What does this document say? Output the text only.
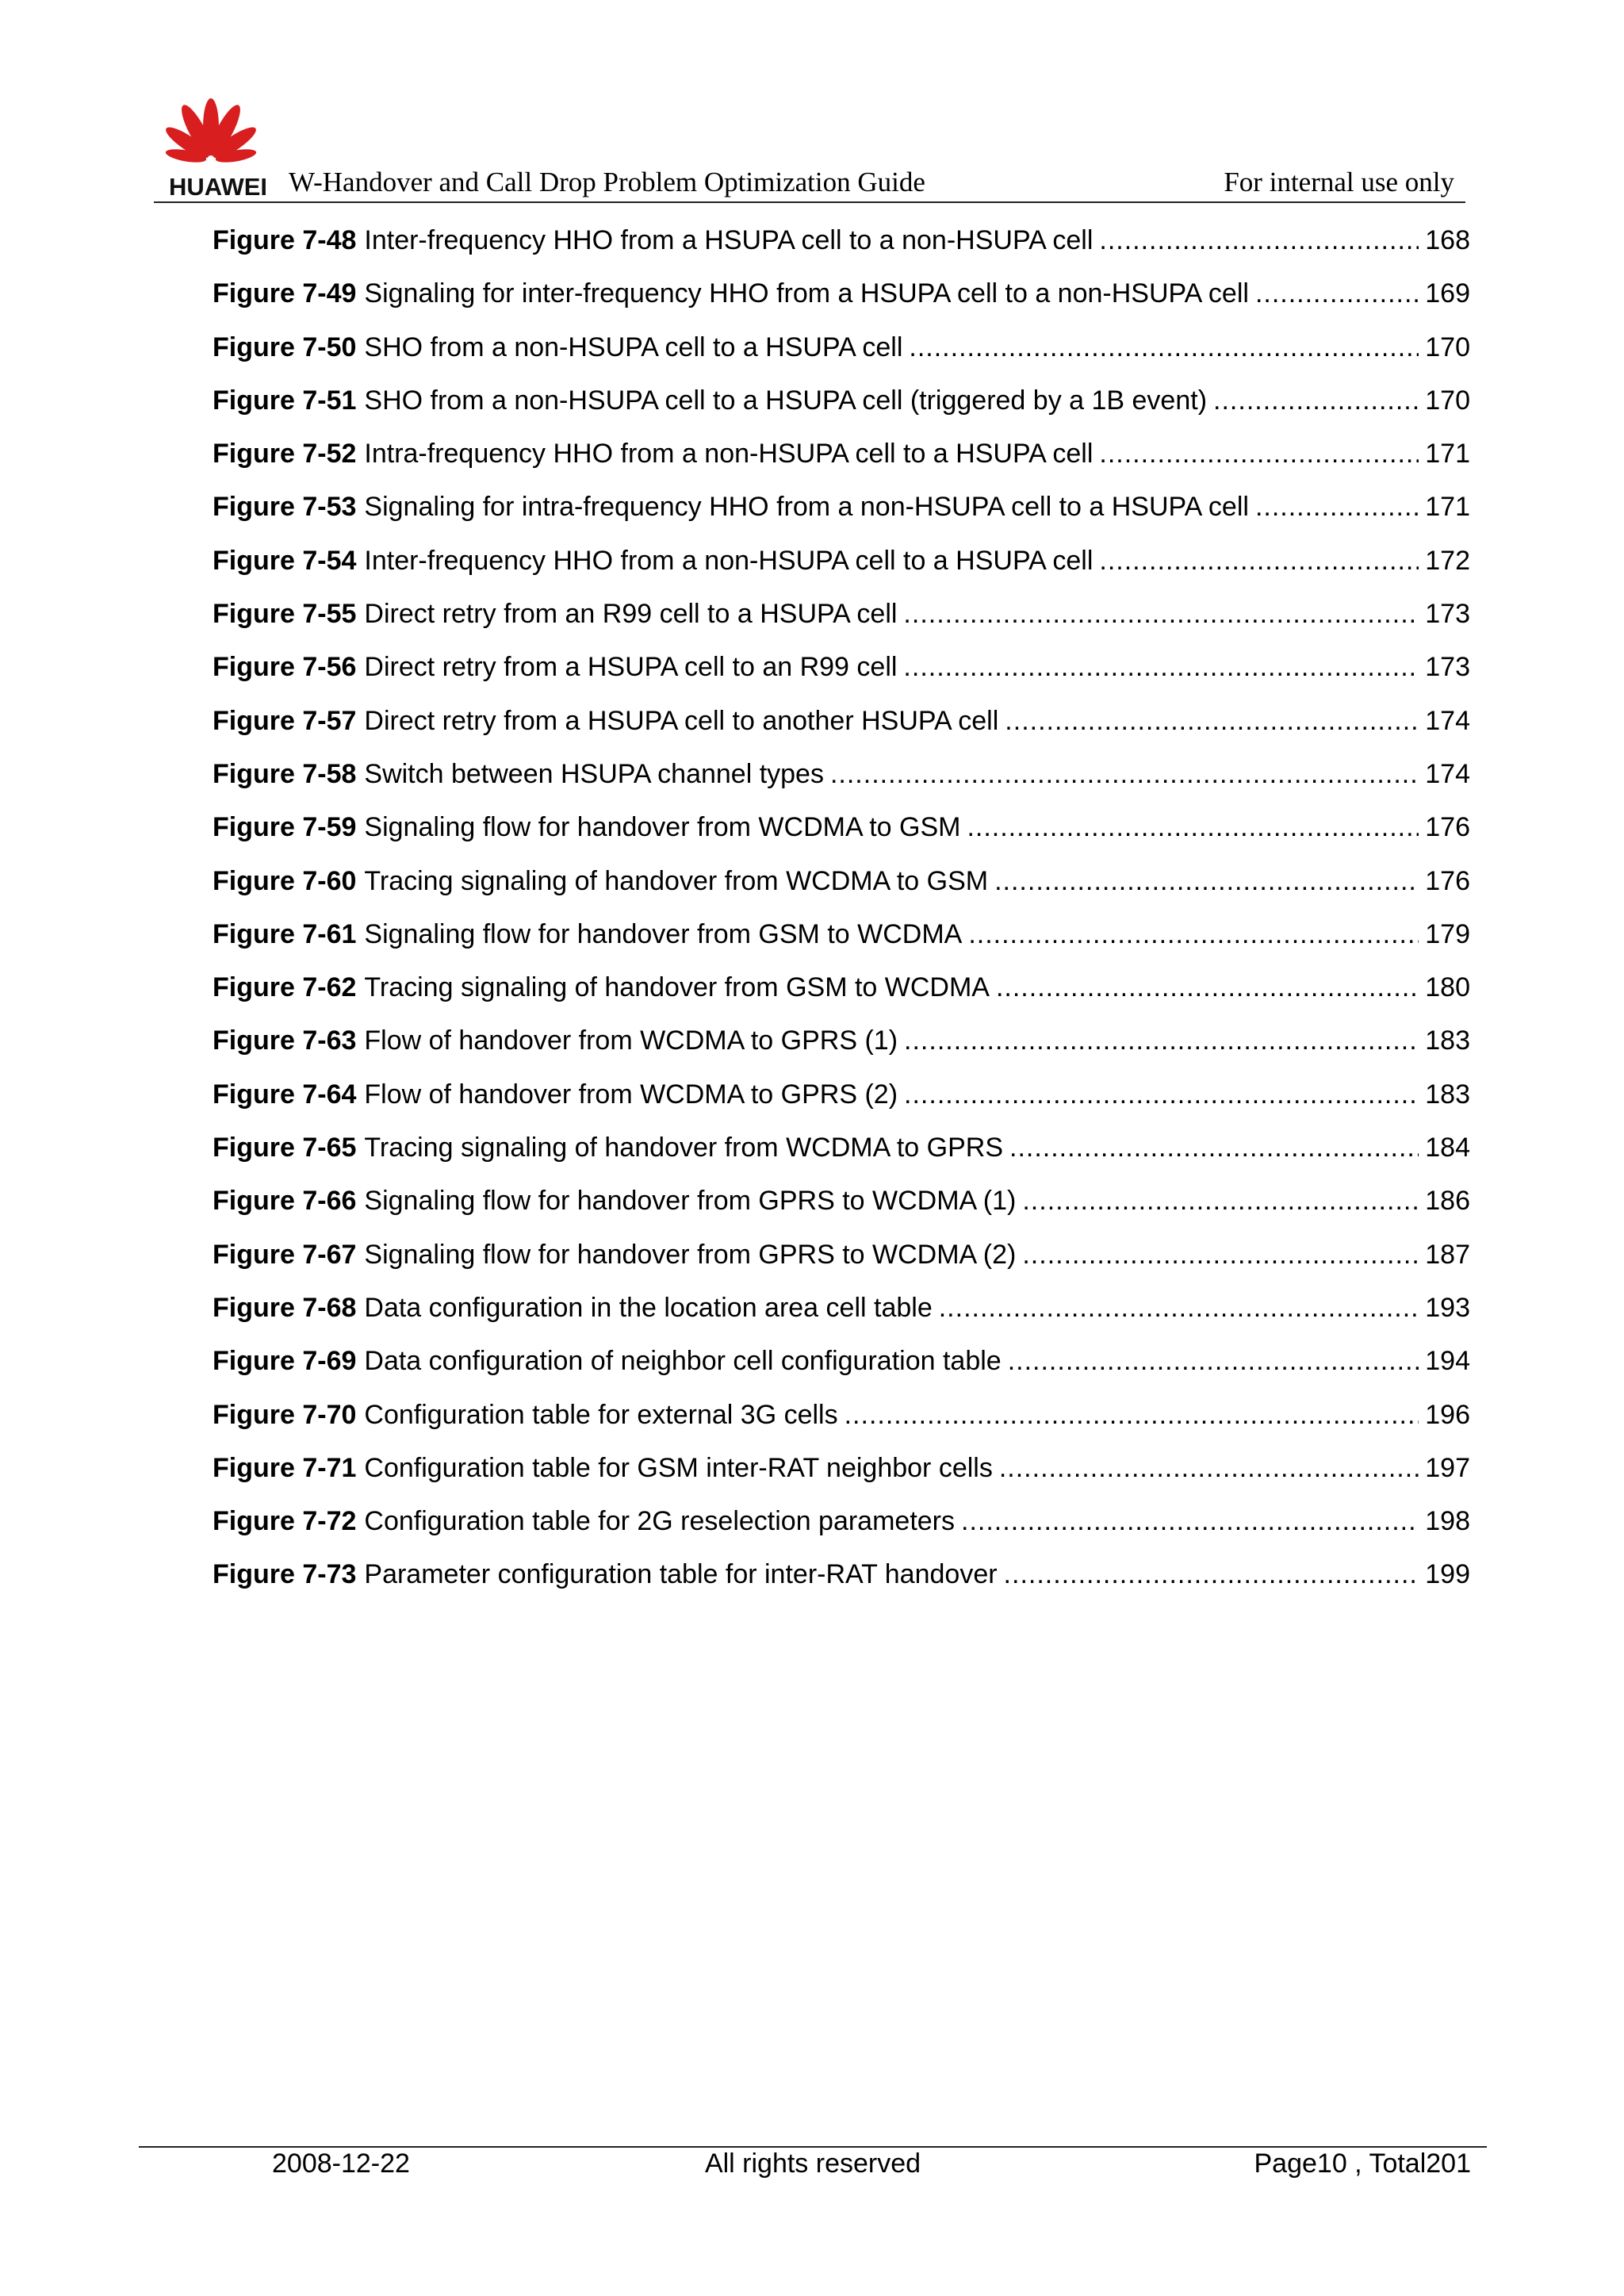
HUAWEI W-Handover and Call Drop Problem Optimization Guide	For internal use only
Figure 7-48 Inter-frequency HHO from a HSUPA cell to a non-HSUPA cell .....	168
Figure 7-49 Signaling for inter-frequency HHO from a HSUPA cell to a non-HSUPA cell .....	169
Figure 7-50 SHO from a non-HSUPA cell to a HSUPA cell .....	170
Figure 7-51 SHO from a non-HSUPA cell to a HSUPA cell (triggered by a 1B event) .....	170
Figure 7-52 Intra-frequency HHO from a non-HSUPA cell to a HSUPA cell .....	171
Figure 7-53 Signaling for intra-frequency HHO from a non-HSUPA cell to a HSUPA cell .....	171
Figure 7-54 Inter-frequency HHO from a non-HSUPA cell to a HSUPA cell .....	172
Figure 7-55 Direct retry from an R99 cell to a HSUPA cell .....	173
Figure 7-56 Direct retry from a HSUPA cell to an R99 cell .....	173
Figure 7-57 Direct retry from a HSUPA cell to another HSUPA cell .....	174
Figure 7-58 Switch between HSUPA channel types .....	174
Figure 7-59 Signaling flow for handover from WCDMA to GSM .....	176
Figure 7-60 Tracing signaling of handover from WCDMA to GSM .....	176
Figure 7-61 Signaling flow for handover from GSM to WCDMA .....	179
Figure 7-62 Tracing signaling of handover from GSM to WCDMA .....	180
Figure 7-63 Flow of handover from WCDMA to GPRS (1) .....	183
Figure 7-64 Flow of handover from WCDMA to GPRS (2) .....	183
Figure 7-65 Tracing signaling of handover from WCDMA to GPRS .....	184
Figure 7-66 Signaling flow for handover from GPRS to WCDMA (1) .....	186
Figure 7-67 Signaling flow for handover from GPRS to WCDMA (2) .....	187
Figure 7-68 Data configuration in the location area cell table .....	193
Figure 7-69 Data configuration of neighbor cell configuration table .....	194
Figure 7-70 Configuration table for external 3G cells .....	196
Figure 7-71 Configuration table for GSM inter-RAT neighbor cells .....	197
Figure 7-72 Configuration table for 2G reselection parameters .....	198
Figure 7-73 Parameter configuration table for inter-RAT handover .....	199
2008-12-22	All rights reserved	Page10 , Total201
